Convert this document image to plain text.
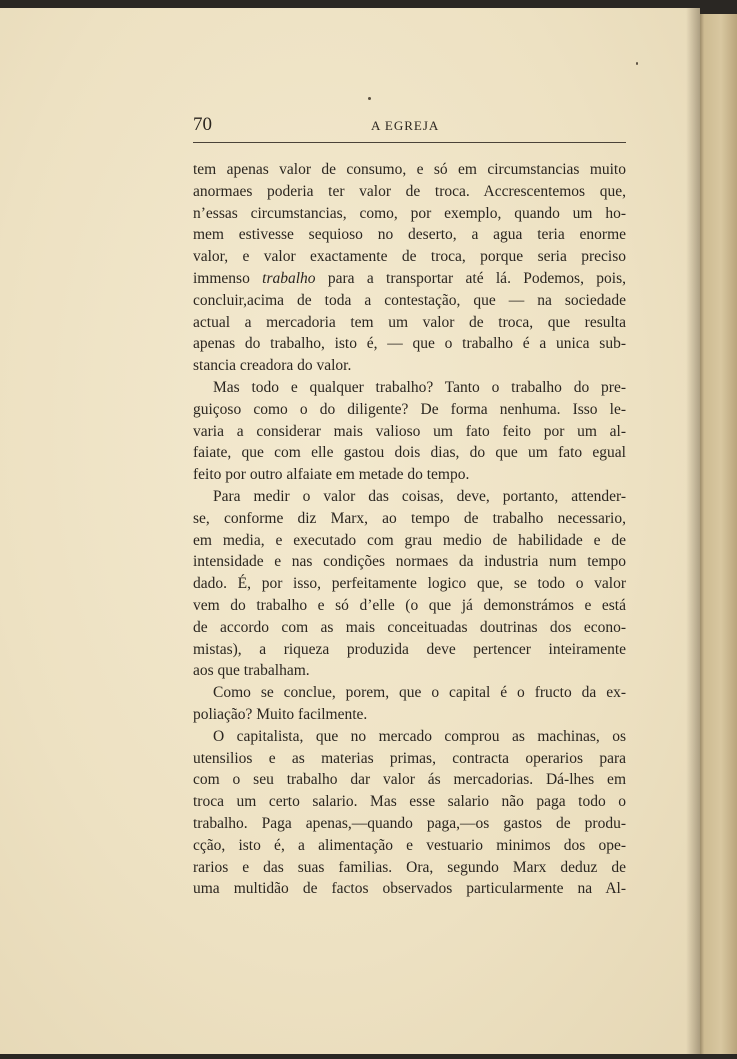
70	A EGREJA
tem apenas valor de consumo, e só em circumstancias muito
anormaes poderia ter valor de troca. Accrescentemos que,
n’essas circumstancias, como, por exemplo, quando um ho-
mem estivesse sequioso no deserto, a agua teria enorme
valor, e valor exactamente de troca, porque seria preciso
immenso trabalho para a transportar até lá. Podemos, pois,
concluir,acima de toda a contestação, que — na sociedade
actual a mercadoria tem um valor de troca, que resulta
apenas do trabalho, isto é, — que o trabalho é a unica sub-
stancia creadora do valor.
Mas todo e qualquer trabalho? Tanto o trabalho do pre-
guiçoso como o do diligente? De forma nenhuma. Isso le-
varia a considerar mais valioso um fato feito por um al-
faiate, que com elle gastou dois dias, do que um fato egual
feito por outro alfaiate em metade do tempo.
Para medir o valor das coisas, deve, portanto, attender-
se, conforme diz Marx, ao tempo de trabalho necessario,
em media, e executado com grau medio de habilidade e de
intensidade e nas condições normaes da industria num tempo
dado. É, por isso, perfeitamente logico que, se todo o valor
vem do trabalho e só d’elle (o que já demonstrámos e está
de accordo com as mais conceituadas doutrinas dos econo-
mistas), a riqueza produzida deve pertencer inteiramente
aos que trabalham.
Como se conclue, porem, que o capital é o fructo da ex-
poliação? Muito facilmente.
O capitalista, que no mercado comprou as machinas, os
utensilios e as materias primas, contracta operarios para
com o seu trabalho dar valor ás mercadorias. Dá-lhes em
troca um certo salario. Mas esse salario não paga todo o
trabalho. Paga apenas,—quando paga,—os gastos de produ-
cção, isto é, a alimentação e vestuario minimos dos ope-
rarios e das suas familias. Ora, segundo Marx deduz de
uma multidão de factos observados particularmente na Al-
